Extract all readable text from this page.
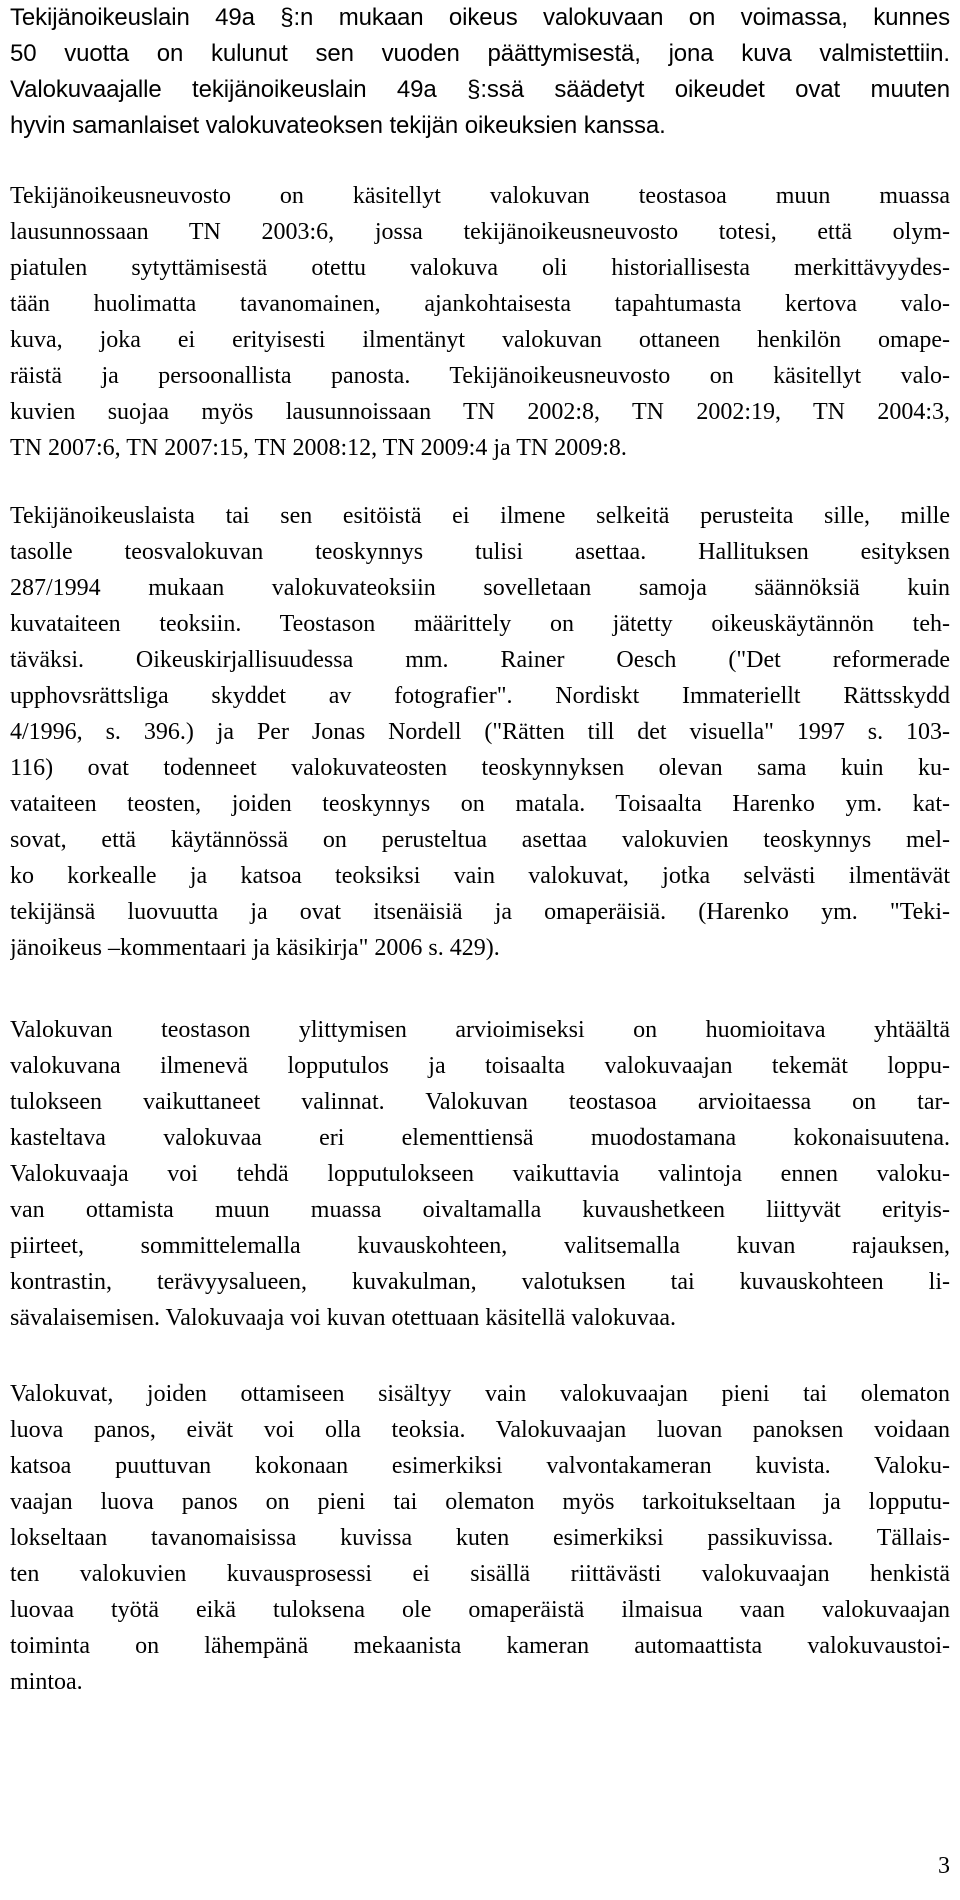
Tekijänoikeuslain 49a §:n mukaan oikeus valokuvaan on voimassa, kunnes
50 vuotta on kulunut sen vuoden päättymisestä, jona kuva valmistettiin.
Valokuvaajalle tekijänoikeuslain 49a §:ssä säädetyt oikeudet ovat muuten
hyvin samanlaiset valokuvateoksen tekijän oikeuksien kanssa.
Tekijänoikeusneuvosto on käsitellyt valokuvan teostasoa muun muassa
lausunnossaan TN 2003:6, jossa tekijänoikeusneuvosto totesi, että olym-
piatulen sytyttämisestä otettu valokuva oli historiallisesta merkittävyydes-
tään huolimatta tavanomainen, ajankohtaisesta tapahtumasta kertova valo-
kuva, joka ei erityisesti ilmentänyt valokuvan ottaneen henkilön omape-
räistä ja persoonallista panosta. Tekijänoikeusneuvosto on käsitellyt valo-
kuvien suojaa myös lausunnoissaan TN 2002:8, TN 2002:19, TN 2004:3,
TN 2007:6, TN 2007:15, TN 2008:12, TN 2009:4 ja TN 2009:8.
Tekijänoikeuslaista tai sen esitöistä ei ilmene selkeitä perusteita sille, mille
tasolle teosvalokuvan teoskynnys tulisi asettaa. Hallituksen esityksen
287/1994 mukaan valokuvateoksiin sovelletaan samoja säännöksiä kuin
kuvataiteen teoksiin. Teostason määrittely on jätetty oikeuskäytännön teh-
täväksi. Oikeuskirjallisuudessa mm. Rainer Oesch ("Det reformerade
upphovsrättsliga skyddet av fotografier". Nordiskt Immateriellt Rättsskydd
4/1996, s. 396.) ja Per Jonas Nordell ("Rätten till det visuella" 1997 s. 103-
116) ovat todenneet valokuvateosten teoskynnyksen olevan sama kuin ku-
vataiteen teosten, joiden teoskynnys on matala. Toisaalta Harenko ym. kat-
sovat, että käytännössä on perusteltua asettaa valokuvien teoskynnys mel-
ko korkealle ja katsoa teoksiksi vain valokuvat, jotka selvästi ilmentävät
tekijänsä luovuutta ja ovat itsenäisiä ja omaperäisiä. (Harenko ym. "Teki-
jänoikeus –kommentaari ja käsikirja" 2006 s. 429).
Valokuvan teostason ylittymisen arvioimiseksi on huomioitava yhtäältä
valokuvana ilmenevä lopputulos ja toisaalta valokuvaajan tekemät loppu-
tulokseen vaikuttaneet valinnat. Valokuvan teostasoa arvioitaessa on tar-
kasteltava valokuvaa eri elementtiensä muodostamana kokonaisuutena.
Valokuvaaja voi tehdä lopputulokseen vaikuttavia valintoja ennen valoku-
van ottamista muun muassa oivaltamalla kuvaushetkeen liittyvät erityis-
piirteet, sommittelemalla kuvauskohteen, valitsemalla kuvan rajauksen,
kontrastin, terävyysalueen, kuvakulman, valotuksen tai kuvauskohteen li-
sävalaisemisen. Valokuvaaja voi kuvan otettuaan käsitellä valokuvaa.
Valokuvat, joiden ottamiseen sisältyy vain valokuvaajan pieni tai olematon
luova panos, eivät voi olla teoksia. Valokuvaajan luovan panoksen voidaan
katsoa puuttuvan kokonaan esimerkiksi valvontakameran kuvista. Valoku-
vaajan luova panos on pieni tai olematon myös tarkoitukseltaan ja lopputu-
lokseltaan tavanomaisissa kuvissa kuten esimerkiksi passikuvissa. Tällais-
ten valokuvien kuvausprosessi ei sisällä riittävästi valokuvaajan henkistä
luovaa työtä eikä tuloksena ole omaperäistä ilmaisua vaan valokuvaajan
toiminta on lähempänä mekaanista kameran automaattista valokuvaustoi-
mintoa.
3
